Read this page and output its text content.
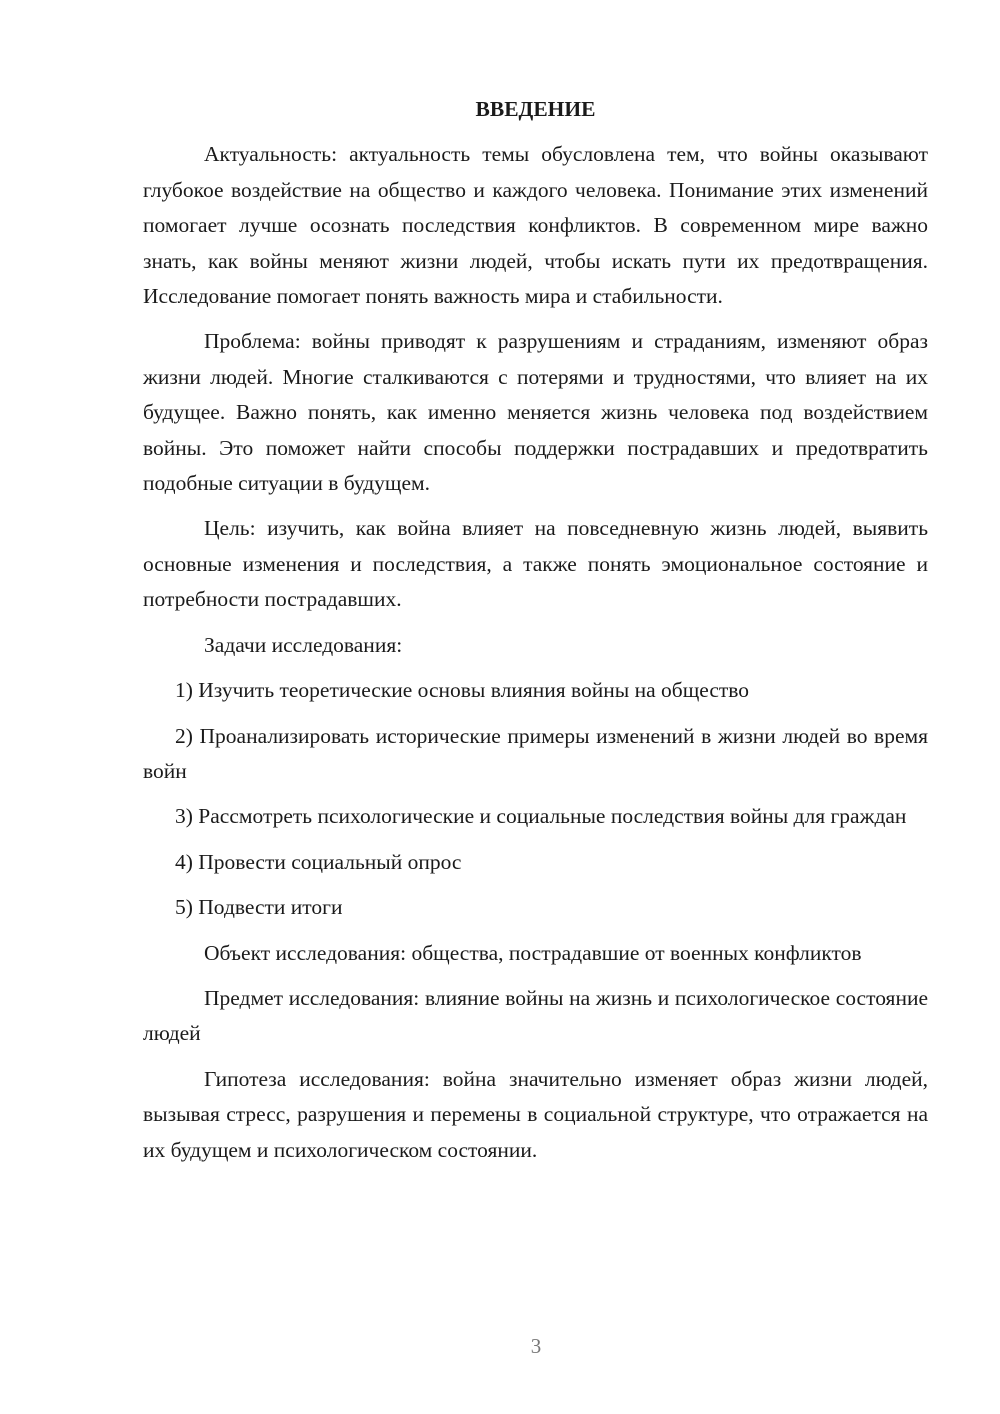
ВВЕДЕНИЕ

Актуальность: актуальность темы обусловлена тем, что войны оказывают глубокое воздействие на общество и каждого человека. Понимание этих изменений помогает лучше осознать последствия конфликтов. В современном мире важно знать, как войны меняют жизни людей, чтобы искать пути их предотвращения. Исследование помогает понять важность мира и стабильности.

Проблема: войны приводят к разрушениям и страданиям, изменяют образ жизни людей. Многие сталкиваются с потерями и трудностями, что влияет на их будущее. Важно понять, как именно меняется жизнь человека под воздействием войны. Это поможет найти способы поддержки пострадавших и предотвратить подобные ситуации в будущем.

Цель: изучить, как война влияет на повседневную жизнь людей, выявить основные изменения и последствия, а также понять эмоциональное состояние и потребности пострадавших.

Задачи исследования:

1) Изучить теоретические основы влияния войны на общество

2) Проанализировать исторические примеры изменений в жизни людей во время войн

3) Рассмотреть психологические и социальные последствия войны для граждан

4) Провести социальный опрос

5) Подвести итоги

Объект исследования: общества, пострадавшие от военных конфликтов

Предмет исследования: влияние войны на жизнь и психологическое состояние людей

Гипотеза исследования: война значительно изменяет образ жизни людей, вызывая стресс, разрушения и перемены в социальной структуре, что отражается на их будущем и психологическом состоянии.

3
